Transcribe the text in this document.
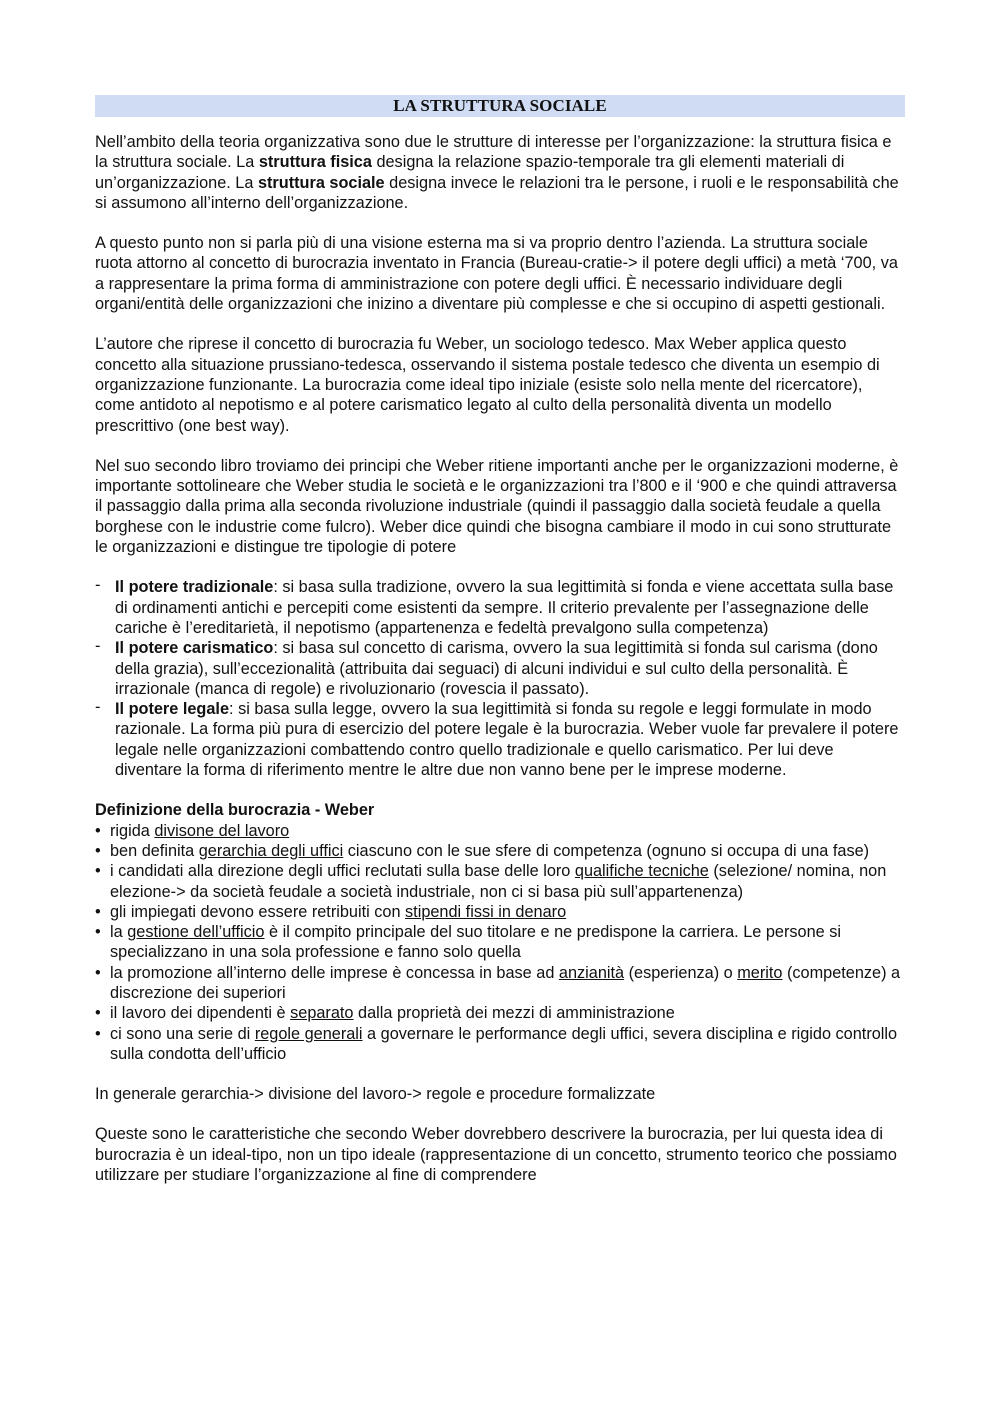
LA STRUTTURA SOCIALE

Nell’ambito della teoria organizzativa sono due le strutture di interesse per l’organizzazione: la struttura fisica e la struttura sociale. La struttura fisica designa la relazione spazio-temporale tra gli elementi materiali di un’organizzazione. La struttura sociale designa invece le relazioni tra le persone, i ruoli e le responsabilità che si assumono all’interno dell’organizzazione.

A questo punto non si parla più di una visione esterna ma si va proprio dentro l’azienda. La struttura sociale ruota attorno al concetto di burocrazia inventato in Francia (Bureau-cratie-> il potere degli uffici) a metà ‘700, va a rappresentare la prima forma di amministrazione con potere degli uffici. È necessario individuare degli organi/entità delle organizzazioni che inizino a diventare più complesse e che si occupino di aspetti gestionali.

L’autore che riprese il concetto di burocrazia fu Weber, un sociologo tedesco. Max Weber applica questo concetto alla situazione prussiano-tedesca, osservando il sistema postale tedesco che diventa un esempio di organizzazione funzionante. La burocrazia come ideal tipo iniziale (esiste solo nella mente del ricercatore), come antidoto al nepotismo e al potere carismatico legato al culto della personalità diventa un modello prescrittivo (one best way).

Nel suo secondo libro troviamo dei principi che Weber ritiene importanti anche per le organizzazioni moderne, è importante sottolineare che Weber studia le società e le organizzazioni tra l’800 e il ‘900 e che quindi attraversa il passaggio dalla prima alla seconda rivoluzione industriale (quindi il passaggio dalla società feudale a quella borghese con le industrie come fulcro). Weber dice quindi che bisogna cambiare il modo in cui sono strutturate le organizzazioni e distingue tre tipologie di potere

- Il potere tradizionale: si basa sulla tradizione, ovvero la sua legittimità si fonda e viene accettata sulla base di ordinamenti antichi e percepiti come esistenti da sempre. Il criterio prevalente per l’assegnazione delle cariche è l’ereditarietà, il nepotismo (appartenenza e fedeltà prevalgono sulla competenza)
- Il potere carismatico: si basa sul concetto di carisma, ovvero la sua legittimità si fonda sul carisma (dono della grazia), sull’eccezionalità (attribuita dai seguaci) di alcuni individui e sul culto della personalità. È irrazionale (manca di regole) e rivoluzionario (rovescia il passato).
- Il potere legale: si basa sulla legge, ovvero la sua legittimità si fonda su regole e leggi formulate in modo razionale. La forma più pura di esercizio del potere legale è la burocrazia. Weber vuole far prevalere il potere legale nelle organizzazioni combattendo contro quello tradizionale e quello carismatico. Per lui deve diventare la forma di riferimento mentre le altre due non vanno bene per le imprese moderne.
Definizione della burocrazia - Weber
• rigida divisone del lavoro
• ben definita gerarchia degli uffici ciascuno con le sue sfere di competenza (ognuno si occupa di una fase)
• i candidati alla direzione degli uffici reclutati sulla base delle loro qualifiche tecniche (selezione/ nomina, non elezione-> da società feudale a società industriale, non ci si basa più sull’appartenenza)
• gli impiegati devono essere retribuiti con stipendi fissi in denaro
• la gestione dell’ufficio è il compito principale del suo titolare e ne predispone la carriera. Le persone si specializzano in una sola professione e fanno solo quella
• la promozione all’interno delle imprese è concessa in base ad anzianità (esperienza) o merito (competenze) a discrezione dei superiori
• il lavoro dei dipendenti è separato dalla proprietà dei mezzi di amministrazione
• ci sono una serie di regole generali a governare le performance degli uffici, severa disciplina e rigido controllo sulla condotta dell’ufficio

In generale gerarchia-> divisione del lavoro-> regole e procedure formalizzate

Queste sono le caratteristiche che secondo Weber dovrebbero descrivere la burocrazia, per lui questa idea di burocrazia è un ideal-tipo, non un tipo ideale (rappresentazione di un concetto, strumento teorico che possiamo utilizzare per studiare l’organizzazione al fine di comprendere
